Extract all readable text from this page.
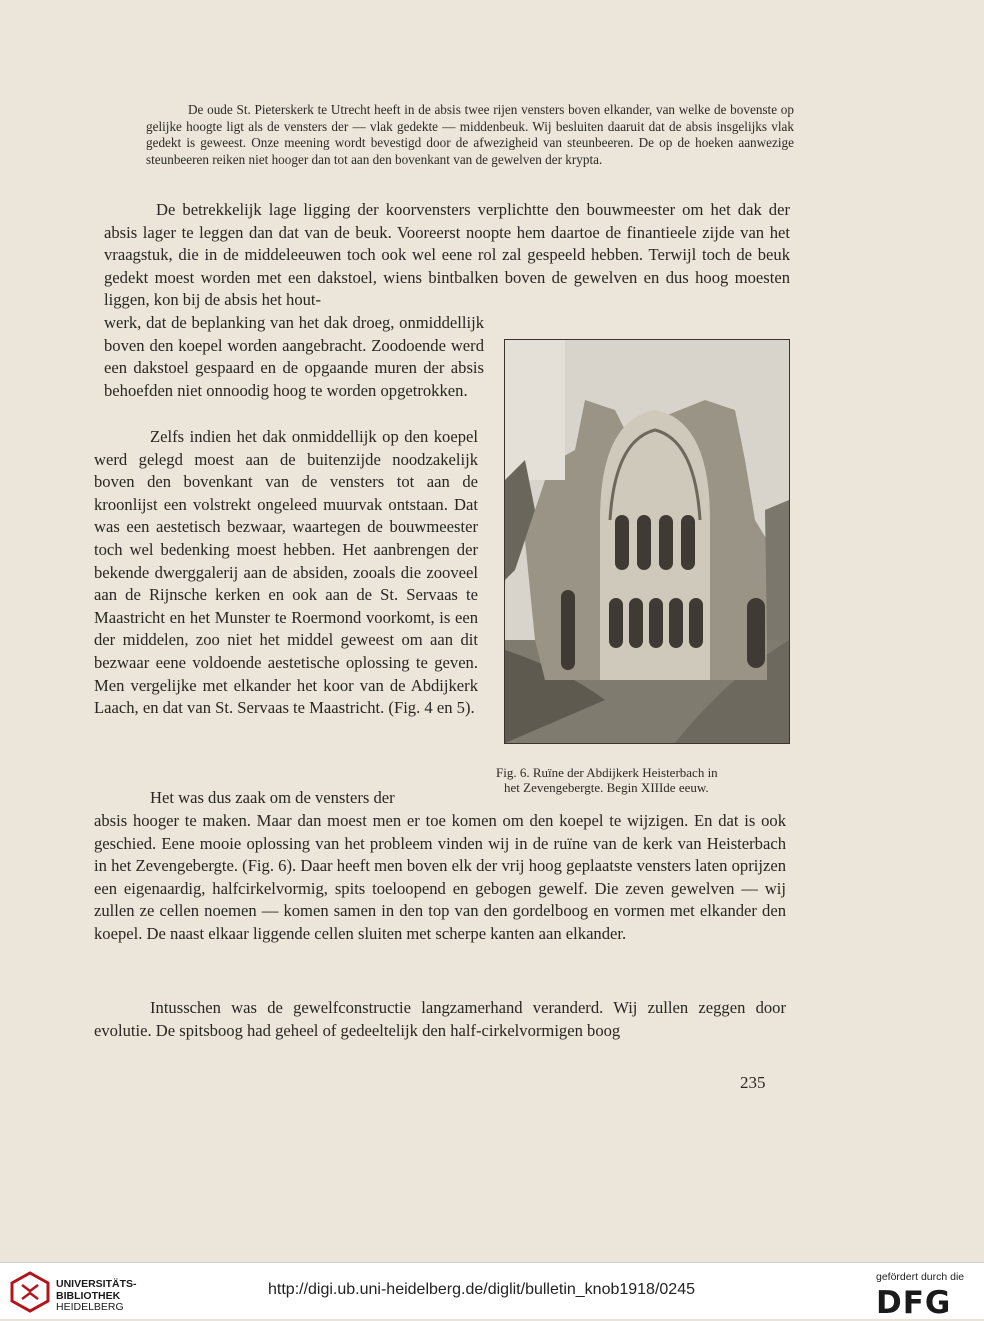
De oude St. Pieterskerk te Utrecht heeft in de absis twee rijen vensters boven elkander, van welke de bovenste op gelijke hoogte ligt als de vensters der — vlak gedekte — middenbeuk. Wij besluiten daaruit dat de absis insgelijks vlak gedekt is geweest. Onze meening wordt bevestigd door de afwezigheid van steunbeeren. De op de hoeken aanwezige steunbeeren reiken niet hooger dan tot aan den bovenkant van de gewelven der krypta.

De betrekkelijk lage ligging der koorvensters verplichtte den bouwmeester om het dak der absis lager te leggen dan dat van de beuk. Vooreerst noopte hem daartoe de finantieele zijde van het vraagstuk, die in de middeleeuwen toch ook wel eene rol zal gespeeld hebben. Terwijl toch de beuk gedekt moest worden met een dakstoel, wiens bintbalken boven de gewelven en dus hoog moesten liggen, kon bij de absis het hout-

werk, dat de beplanking van het dak droeg, onmiddellijk boven den koepel worden aangebracht. Zoodoende werd een dakstoel gespaard en de opgaande muren der absis behoefden niet onnoodig hoog te worden opgetrokken.

Zelfs indien het dak onmiddellijk op den koepel werd gelegd moest aan de buitenzijde noodzakelijk boven den bovenkant van de vensters tot aan de kroonlijst een volstrekt ongeleed muurvak ontstaan. Dat was een aestetisch bezwaar, waartegen de bouwmeester toch wel bedenking moest hebben. Het aanbrengen der bekende dwerggalerij aan de absiden, zooals die zooveel aan de Rijnsche kerken en ook aan de St. Servaas te Maastricht en het Munster te Roermond voorkomt, is een der middelen, zoo niet het middel geweest om aan dit bezwaar eene voldoende aestetische oplossing te geven. Men vergelijke met elkander het koor van de Abdijkerk Laach, en dat van St. Servaas te Maastricht. (Fig. 4 en 5).

Het was dus zaak om de vensters der

absis hooger te maken. Maar dan moest men er toe komen om den koepel te wijzigen. En dat is ook geschied. Eene mooie oplossing van het probleem vinden wij in de ruïne van de kerk van Heisterbach in het Zevengebergte. (Fig. 6). Daar heeft men boven elk der vrij hoog geplaatste vensters laten oprijzen een eigenaardig, halfcirkelvormig, spits toeloopend en gebogen gewelf. Die zeven gewelven — wij zullen ze cellen noemen — komen samen in den top van den gordelboog en vormen met elkander den koepel. De naast elkaar liggende cellen sluiten met scherpe kanten aan elkander.

Intusschen was de gewelfconstructie langzamerhand veranderd. Wij zullen zeggen door evolutie. De spitsboog had geheel of gedeeltelijk den half-cirkelvormigen boog

Fig. 6. Ruïne der Abdijkerk Heisterbach in
het Zevengebergte. Begin XIIIde eeuw.
235
UNIVERSITÄTS-
BIBLIOTHEK
HEIDELBERG
http://digi.ub.uni-heidelberg.de/diglit/bulletin_knob1918/0245
gefördert durch die
DFG
